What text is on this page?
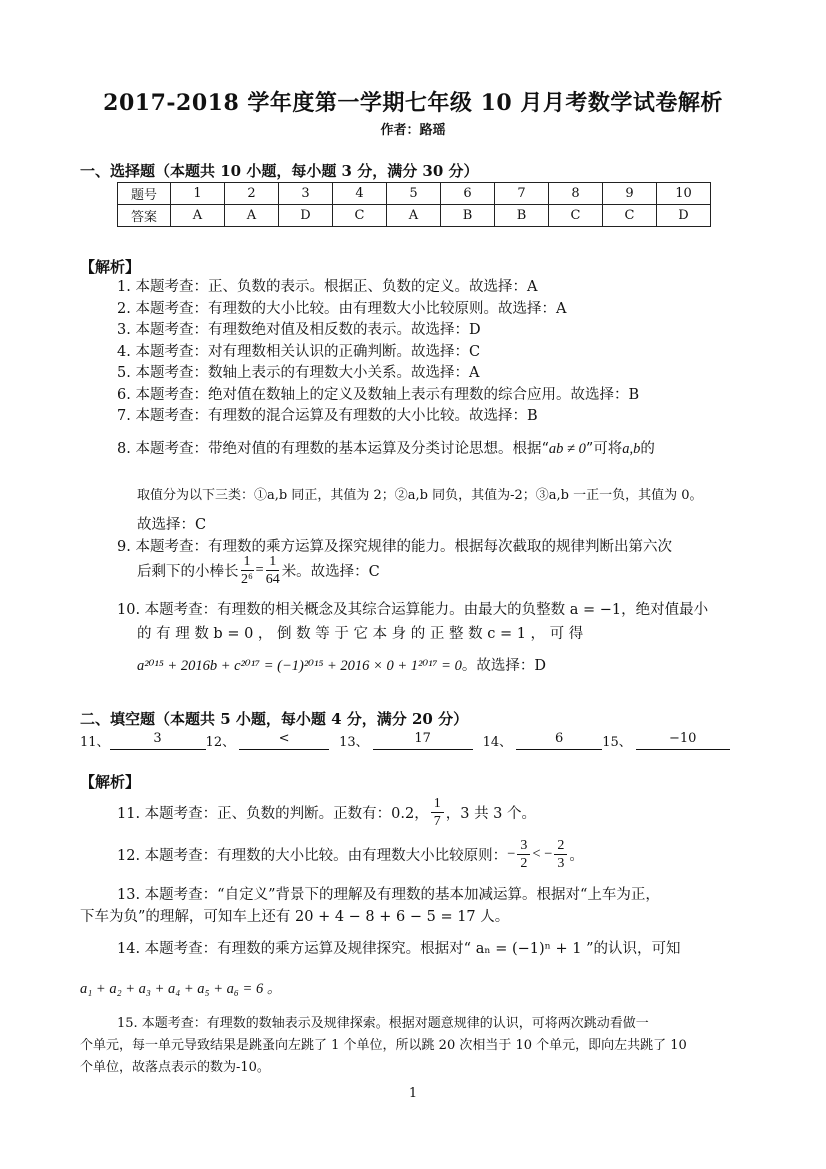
2017-2018 学年度第一学期七年级 10 月月考数学试卷解析
作者：路瑶
一、选择题（本题共 10 小题，每小题 3 分，满分 30 分）
题号	1	2	3	4	5	6	7	8	9	10
答案	A	A	D	C	A	B	B	C	C	D
【解析】
1. 本题考查：正、负数的表示。根据正、负数的定义。故选择：A
2. 本题考查：有理数的大小比较。由有理数大小比较原则。故选择：A
3. 本题考查：有理数绝对值及相反数的表示。故选择：D
4. 本题考查：对有理数相关认识的正确判断。故选择：C
5. 本题考查：数轴上表示的有理数大小关系。故选择：A
6. 本题考查：绝对值在数轴上的定义及数轴上表示有理数的综合应用。故选择：B
7. 本题考查：有理数的混合运算及有理数的大小比较。故选择：B
8. 本题考查：带绝对值的有理数的基本运算及分类讨论思想。根据“ab ≠ 0”可将a,b的
取值分为以下三类：①a,b 同正，其值为 2；②a,b 同负，其值为-2；③a,b 一正一负，其值为 0。
故选择：C
9. 本题考查：有理数的乘方运算及探究规律的能力。根据每次截取的规律判断出第六次
后剩下的小棒长 $\frac{1}{\text{2⁶}} = \frac{1}{64}$ 米。故选择：C
10. 本题考查：有理数的相关概念及其综合运算能力。由最大的负整数 a = −1，绝对值最小
的 有 理 数 b = 0 ， 倒 数 等 于 它 本 身 的 正 整 数 c = 1 ， 可 得
a²⁰¹⁵ + 2016b + c²⁰¹⁷ = (−1)²⁰¹⁵ + 2016 × 0 + 1²⁰¹⁷ = 0。故选择：D
二、填空题（本题共 5 小题，每小题 4 分，满分 20 分）
11、	3	12、	<	13、	17	14、	6	15、	−10
【解析】
11. 本题考查：正、负数的判断。正数有：0.2， $\frac{1}{7}$ ，3 共 3 个。
12. 本题考查：有理数的大小比较。由有理数大小比较原则： − $\frac{3}{2}$ < − $\frac{2}{3}$ 。
13. 本题考查：“自定义”背景下的理解及有理数的基本加减运算。根据对“上车为正，
下车为负”的理解，可知车上还有 20 + 4 − 8 + 6 − 5 = 17 人。
14. 本题考查：有理数的乘方运算及规律探究。根据对“ aₙ = (−1)ⁿ + 1 ”的认识，可知
a₁ + a₂ + a₃ + a₄ + a₅ + a₆ = 6 。
15. 本题考查：有理数的数轴表示及规律探索。根据对题意规律的认识，可将两次跳动看做一
个单元，每一单元导致结果是跳蚤向左跳了 1 个单位，所以跳 20 次相当于 10 个单元，即向左共跳了 10
个单位，故落点表示的数为-10。
1
